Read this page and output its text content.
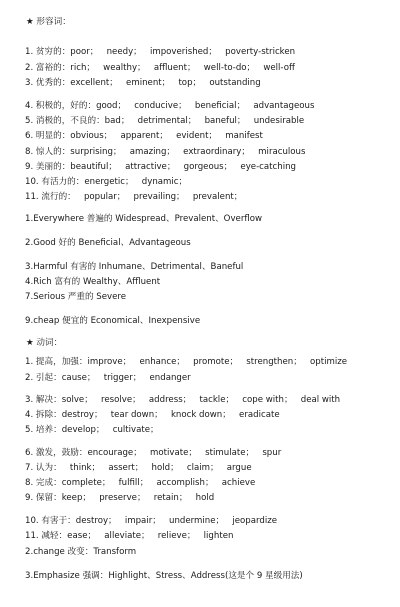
★ 形容词：
1. 贫穷的：poor；   needy；   impoverished；   poverty-stricken
2. 富裕的：rich；   wealthy；   affluent；   well-to-do；   well-off
3. 优秀的：excellent；   eminent；   top；   outstanding
4. 积极的，好的：good；   conducive；   beneficial；   advantageous
5. 消极的，不良的：bad；   detrimental；   baneful；   undesirable
6. 明显的：obvious；   apparent；   evident；   manifest
8. 惊人的：surprising；   amazing；   extraordinary；   miraculous
9. 美丽的：beautiful；   attractive；   gorgeous；   eye-catching
10. 有活力的：energetic；   dynamic；
11. 流行的：   popular；   prevailing；   prevalent；
1.Everywhere 普遍的 Widespread、Prevalent、Overflow
2.Good 好的 Beneficial、Advantageous
3.Harmful 有害的 Inhumane、Detrimental、Baneful
4.Rich 富有的 Wealthy、Affluent
7.Serious 严重的 Severe
9.cheap 便宜的 Economical、Inexpensive
★ 动词：
1. 提高，加强：improve；   enhance；   promote；   strengthen；   optimize
2. 引起：cause；   trigger；   endanger
3. 解决：solve；   resolve；   address；   tackle；   cope with；   deal with
4. 拆除：destroy；   tear down；   knock down；   eradicate
5. 培养：develop；   cultivate；
6. 激发，鼓励：encourage；   motivate；   stimulate；   spur
7. 认为：   think；   assert；   hold；   claim；   argue
8. 完成：complete；   fulfill；   accomplish；   achieve
9. 保留：keep；   preserve；   retain；   hold
10. 有害于：destroy；   impair；   undermine；   jeopardize
11. 减轻：ease；   alleviate；   relieve；   lighten
2.change 改变：Transform
3.Emphasize 强调：Highlight、Stress、Address(这是个 9 星级用法)
